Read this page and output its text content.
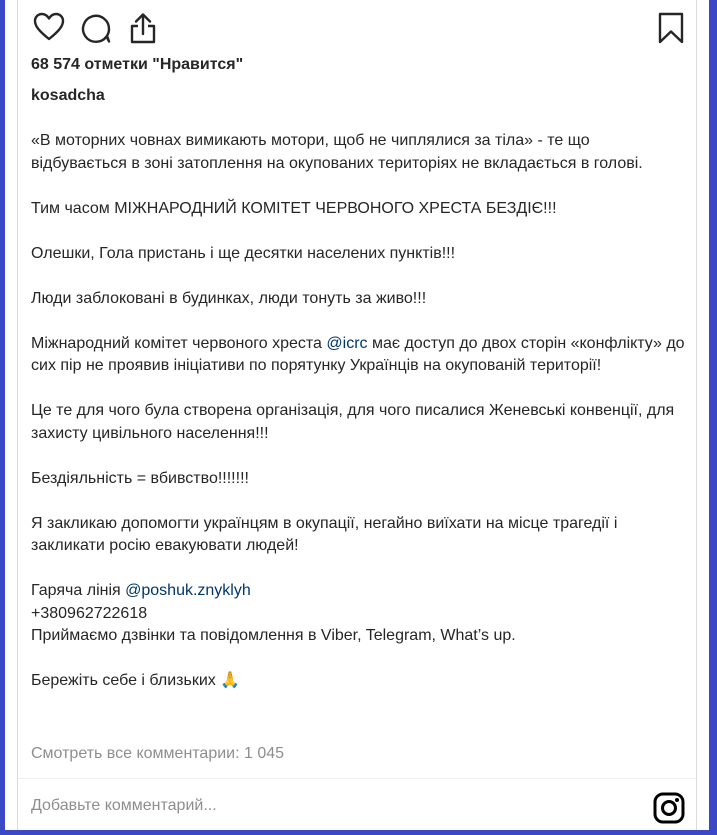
68 574 отметки "Нравится"
kosadcha

«В моторних човнах вимикають мотори, щоб не чиплялися за тіла» - те що відбувається в зоні затоплення на окупованих територіях не вкладається в голові.

Тим часом МІЖНАРОДНИЙ КОМІТЕТ ЧЕРВОНОГО ХРЕСТА БЕЗДІЄ!!!

Олешки, Гола пристань і ще десятки населених пунктів!!!

Люди заблоковані в будинках, люди тонуть за живо!!!

Міжнародний комітет червоного хреста @icrc має доступ до двох сторін «конфлікту» до сих пір не проявив ініціативи по порятунку Українців на окупованій території!

Це те для чого була створена організація, для чого писалися Женевські конвенції, для захисту цивільного населення!!!

Бездіяльність = вбивство!!!!!!!

Я закликаю допомогти українцям в окупації, негайно виїхати на місце трагедії і закликати росію евакуювати людей!

Гаряча лінія @poshuk.znyklyh

+380962722618

Приймаємо дзвінки та повідомлення в Viber, Telegram, What’s up.

Бережіть себе і близьких 🙏

Смотреть все комментарии: 1 045
Добавьте комментарий...
